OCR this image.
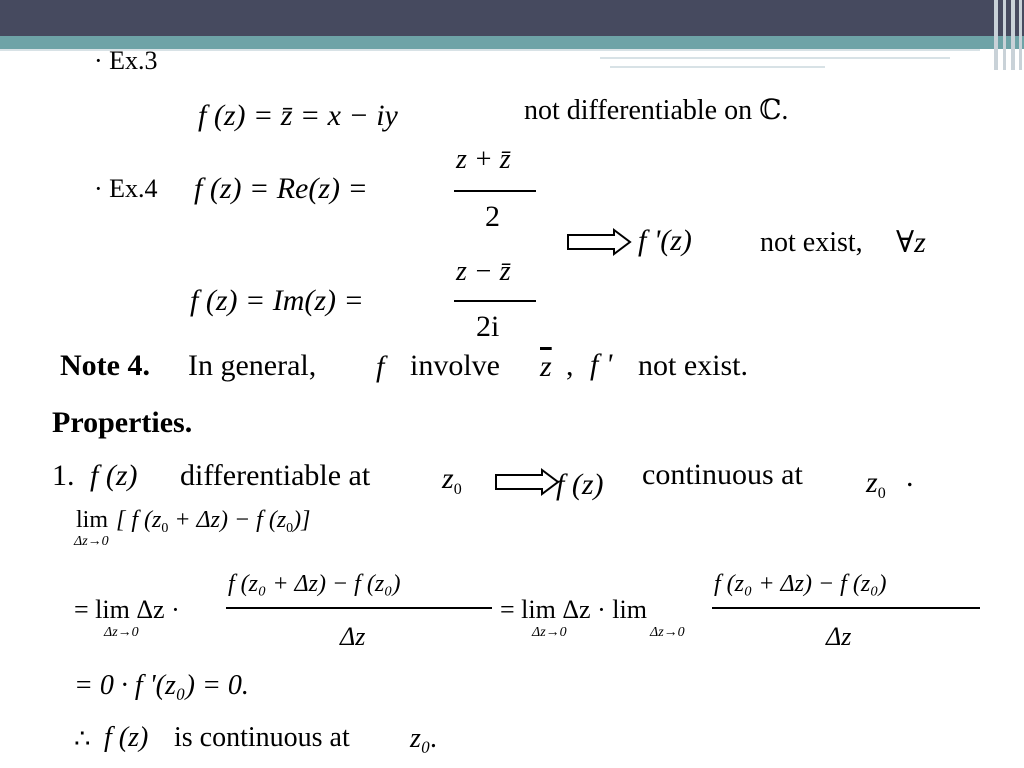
· Ex.3
f (z) = z̄ = x − iy	not differentiable on ℂ.
· Ex.4 f (z) = Re(z) =
z + z̄
2
f '(z) not exist, ∀z
f (z) = Im(z) =
z − z̄
2i
Note 4. In general, f involve $\overline{z}$ , f ' not exist.
Properties.
1. f (z) differentiable at $z_0$	f (z) continuous at $z_0$
.
lim
Δz→0
[ f $(z_0 + \Delta z) - f$ $(z_0)$]
= lim Δz ·
Δz→0
f (z₀ + Δz) − f (z₀)
Δz
= lim Δz · lim
Δz→0	Δz→0
f (z₀ + Δz) − f (z₀)
Δz
= 0 · f '(z₀) = 0.
∴ f (z) is continuous at z₀.
